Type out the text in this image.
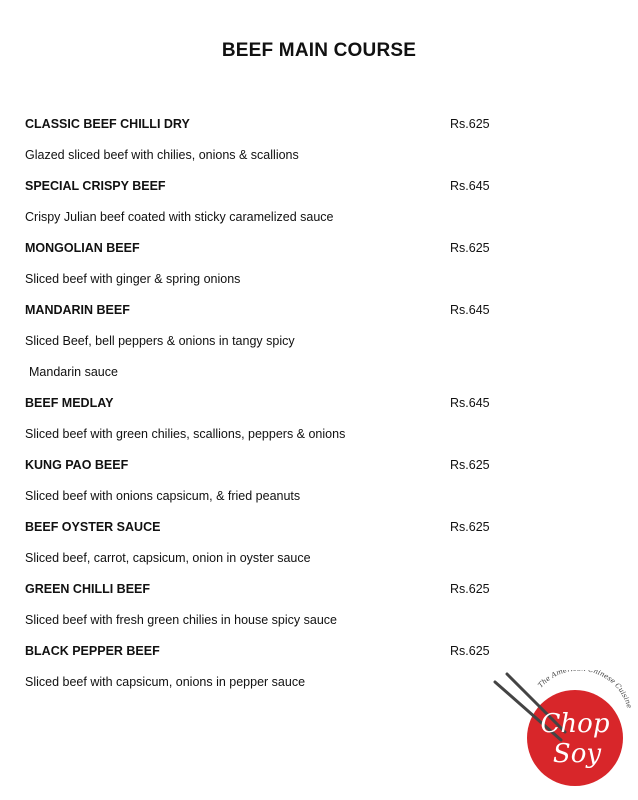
BEEF MAIN COURSE
CLASSIC BEEF CHILLI DRY	Rs.625
Glazed sliced beef with chilies, onions & scallions
SPECIAL CRISPY BEEF	Rs.645
Crispy Julian beef coated with sticky caramelized sauce
MONGOLIAN BEEF	Rs.625
Sliced beef with ginger & spring onions
MANDARIN BEEF	Rs.645
Sliced Beef, bell peppers & onions in tangy spicy
Mandarin sauce
BEEF MEDLAY	Rs.645
Sliced beef with green chilies, scallions, peppers & onions
KUNG PAO BEEF	Rs.625
Sliced beef with onions capsicum, & fried peanuts
BEEF OYSTER SAUCE	Rs.625
Sliced beef, carrot, capsicum, onion in oyster sauce
GREEN CHILLI BEEF	Rs.625
Sliced beef with fresh green chilies in house spicy sauce
BLACK PEPPER BEEF	Rs.625
Sliced beef with capsicum, onions in pepper sauce	The Ame hinese Cuisine
Chop
Soy
